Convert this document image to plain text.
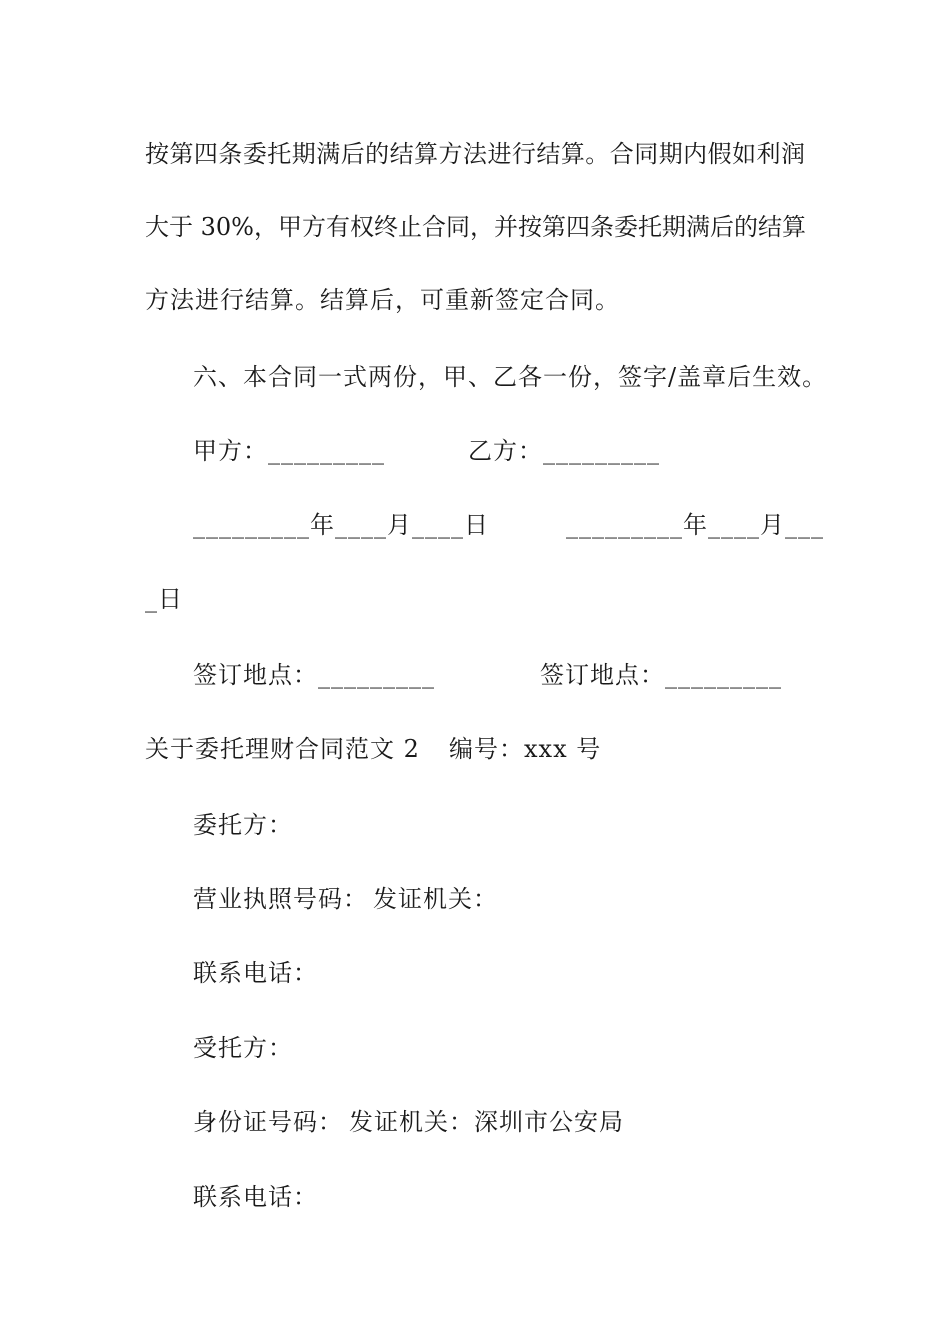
按第四条委托期满后的结算方法进行结算。合同期内假如利润
大于 30%，甲方有权终止合同，并按第四条委托期满后的结算
方法进行结算。结算后，可重新签定合同。
六、本合同一式两份，甲、乙各一份，签字/盖章后生效。
甲方：_________	乙方：_________
_________年____月____日	_________年____月___
_日
签订地点：_________	签订地点：_________
关于委托理财合同范文 2 编号：xxx 号
委托方：
营业执照号码： 发证机关：
联系电话：
受托方：
身份证号码： 发证机关：深圳市公安局
联系电话：
